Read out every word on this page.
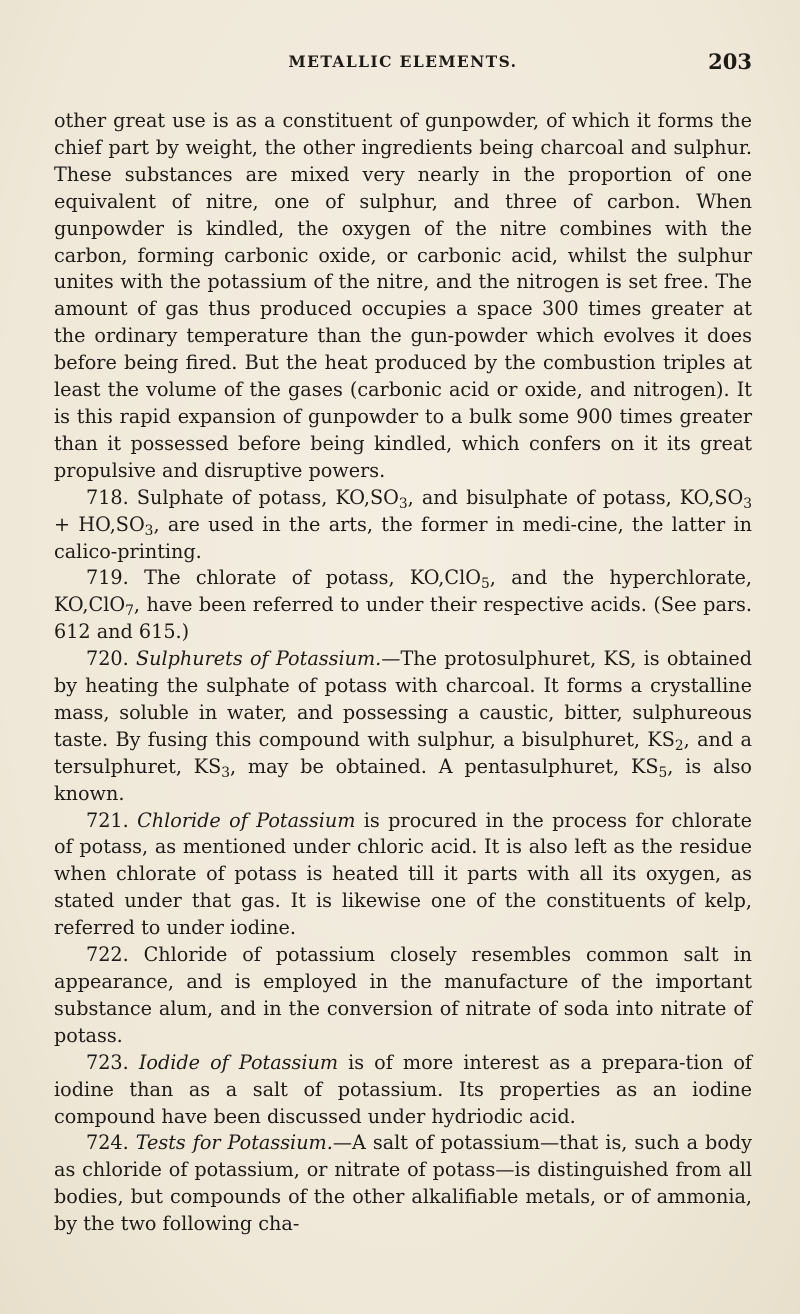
METALLIC ELEMENTS.	203

other great use is as a constituent of gunpowder, of which it forms the chief part by weight, the other ingredients being charcoal and sulphur. These substances are mixed very nearly in the proportion of one equivalent of nitre, one of sulphur, and three of carbon. When gunpowder is kindled, the oxygen of the nitre combines with the carbon, forming carbonic oxide, or carbonic acid, whilst the sulphur unites with the potassium of the nitre, and the nitrogen is set free. The amount of gas thus produced occupies a space 300 times greater at the ordinary temperature than the gun-powder which evolves it does before being fired. But the heat produced by the combustion triples at least the volume of the gases (carbonic acid or oxide, and nitrogen). It is this rapid expansion of gunpowder to a bulk some 900 times greater than it possessed before being kindled, which confers on it its great propulsive and disruptive powers.

718. Sulphate of potass, $KO,SO_3$, and bisulphate of potass, $KO,SO_3 + HO,SO_3$, are used in the arts, the former in medi-cine, the latter in calico-printing.

719. The chlorate of potass, KO,ClO$_5$, and the hyperchlorate, KO,ClO$_7$, have been referred to under their respective acids. (See pars. 612 and 615.)

720. Sulphurets of Potassium.—The protosulphuret, KS, is obtained by heating the sulphate of potass with charcoal. It forms a crystalline mass, soluble in water, and possessing a caustic, bitter, sulphureous taste. By fusing this compound with sulphur, a bisulphuret, $KS_2$, and a tersulphuret, $KS_3$, may be obtained. A pentasulphuret, $KS_5$, is also known.

721. Chloride of Potassium is procured in the process for chlorate of potass, as mentioned under chloric acid. It is also left as the residue when chlorate of potass is heated till it parts with all its oxygen, as stated under that gas. It is likewise one of the constituents of kelp, referred to under iodine.

722. Chloride of potassium closely resembles common salt in appearance, and is employed in the manufacture of the important substance alum, and in the conversion of nitrate of soda into nitrate of potass.

723. Iodide of Potassium is of more interest as a prepara-tion of iodine than as a salt of potassium. Its properties as an iodine compound have been discussed under hydriodic acid.

724. Tests for Potassium.—A salt of potassium—that is, such a body as chloride of potassium, or nitrate of potass—is distinguished from all bodies, but compounds of the other alkalifiable metals, or of ammonia, by the two following cha-
